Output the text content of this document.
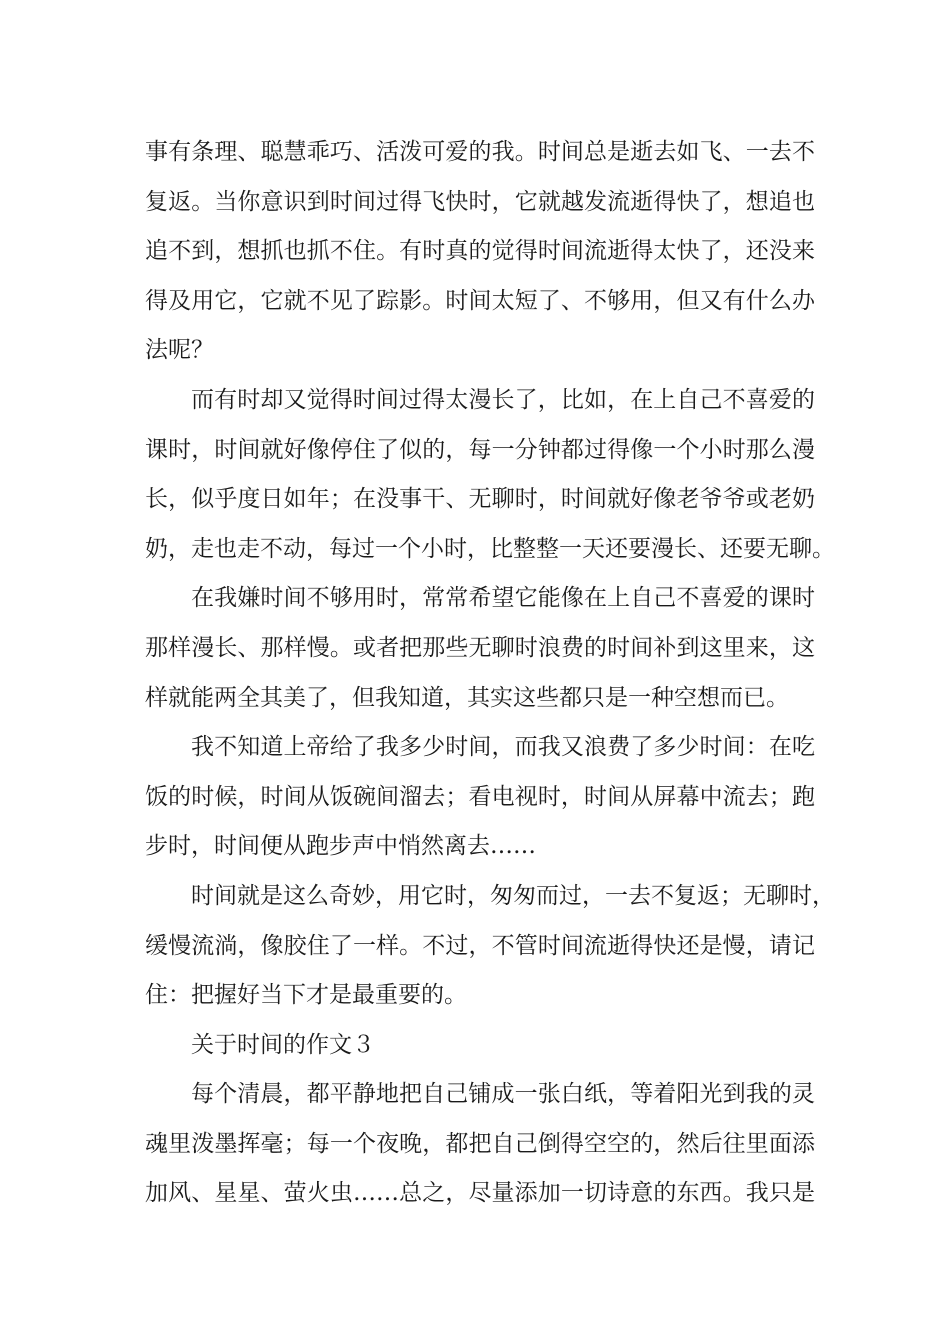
事有条理、聪慧乖巧、活泼可爱的我。时间总是逝去如飞、一去不
复返。当你意识到时间过得飞快时，它就越发流逝得快了，想追也
追不到，想抓也抓不住。有时真的觉得时间流逝得太快了，还没来
得及用它，它就不见了踪影。时间太短了、不够用，但又有什么办
法呢？
而有时却又觉得时间过得太漫长了，比如，在上自己不喜爱的
课时，时间就好像停住了似的，每一分钟都过得像一个小时那么漫
长，似乎度日如年；在没事干、无聊时，时间就好像老爷爷或老奶
奶，走也走不动，每过一个小时，比整整一天还要漫长、还要无聊。
在我嫌时间不够用时，常常希望它能像在上自己不喜爱的课时
那样漫长、那样慢。或者把那些无聊时浪费的时间补到这里来，这
样就能两全其美了，但我知道，其实这些都只是一种空想而已。
我不知道上帝给了我多少时间，而我又浪费了多少时间：在吃
饭的时候，时间从饭碗间溜去；看电视时，时间从屏幕中流去；跑
步时，时间便从跑步声中悄然离去……
时间就是这么奇妙，用它时，匆匆而过，一去不复返；无聊时，
缓慢流淌，像胶住了一样。不过，不管时间流逝得快还是慢，请记
住：把握好当下才是最重要的。
关于时间的作文３
每个清晨，都平静地把自己铺成一张白纸，等着阳光到我的灵
魂里泼墨挥毫；每一个夜晚，都把自己倒得空空的，然后往里面添
加风、星星、萤火虫……总之，尽量添加一切诗意的东西。我只是
